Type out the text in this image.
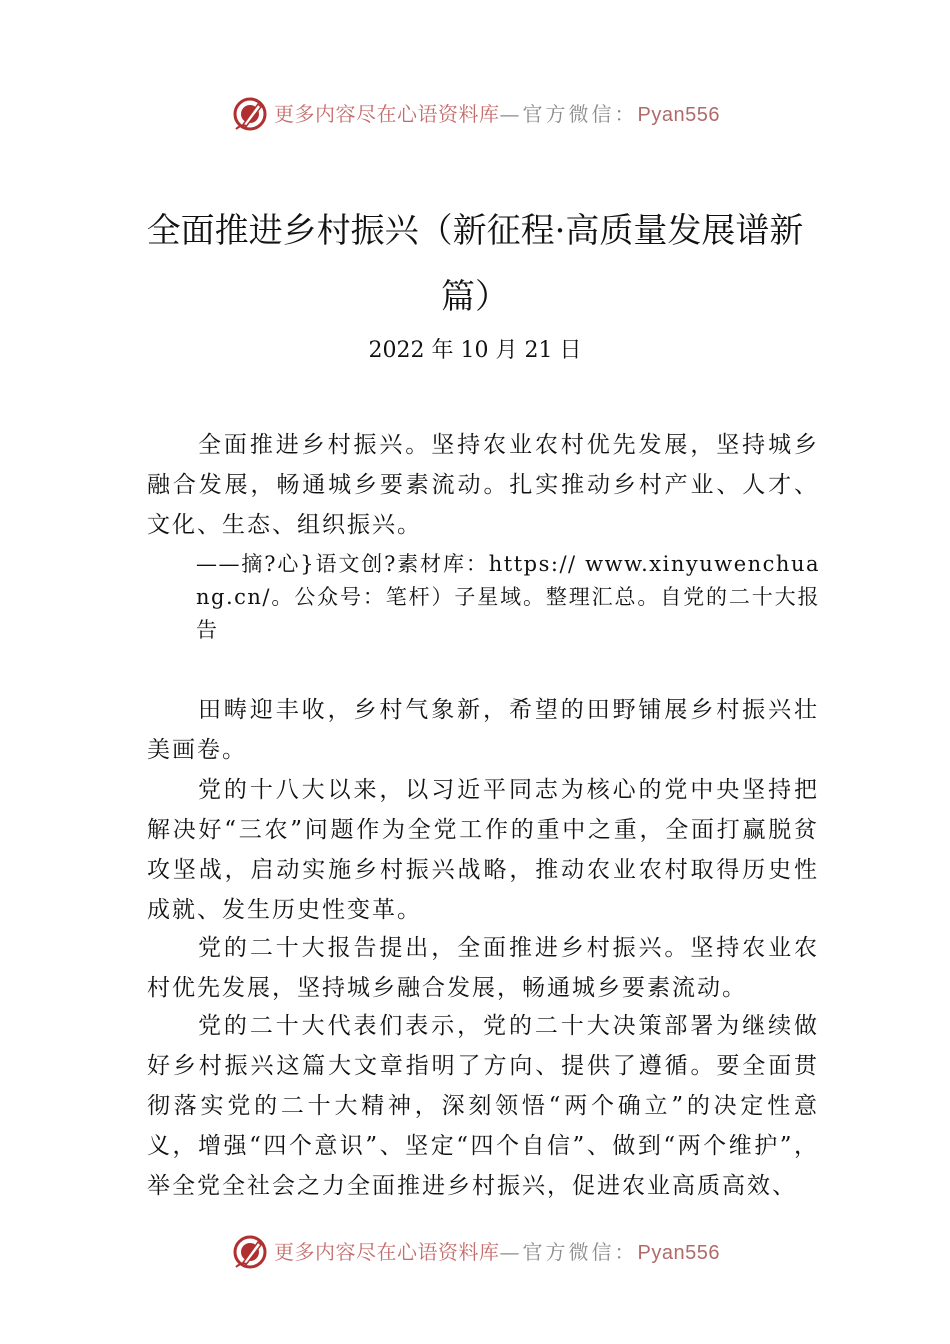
更多内容尽在心语资料库—官方微信：Pyan556
全面推进乡村振兴（新征程·高质量发展谱新篇）
2022 年 10 月 21 日
全面推进乡村振兴。坚持农业农村优先发展，坚持城乡融合发展，畅通城乡要素流动。扎实推动乡村产业、人才、 文化、生态、组织振兴。
——摘?心}语文创?素材库：https:// www.xinyuwenchuang.cn/。公众号：笔杆）子星域。整理汇总。自党的二十大报告
田畴迎丰收，乡村气象新，希望的田野铺展乡村振兴壮美画卷。
党的十八大以来，以习近平同志为核心的党中央坚持把解决好“三农”问题作为全党工作的重中之重，全面打赢脱贫攻坚战，启动实施乡村振兴战略，推动农业农村取得历史性成就、发生历史性变革。
党的二十大报告提出，全面推进乡村振兴。坚持农业农村优先发展，坚持城乡融合发展，畅通城乡要素流动。
党的二十大代表们表示，党的二十大决策部署为继续做好乡村振兴这篇大文章指明了方向、提供了遵循。要全面贯彻落实党的二十大精神，深刻领悟“两个确立”的决定性意义，增强“四个意识”、坚定“四个自信”、做到“两个维护”， 举全党全社会之力全面推进乡村振兴，促进农业高质高效、
更多内容尽在心语资料库—官方微信：Pyan556
